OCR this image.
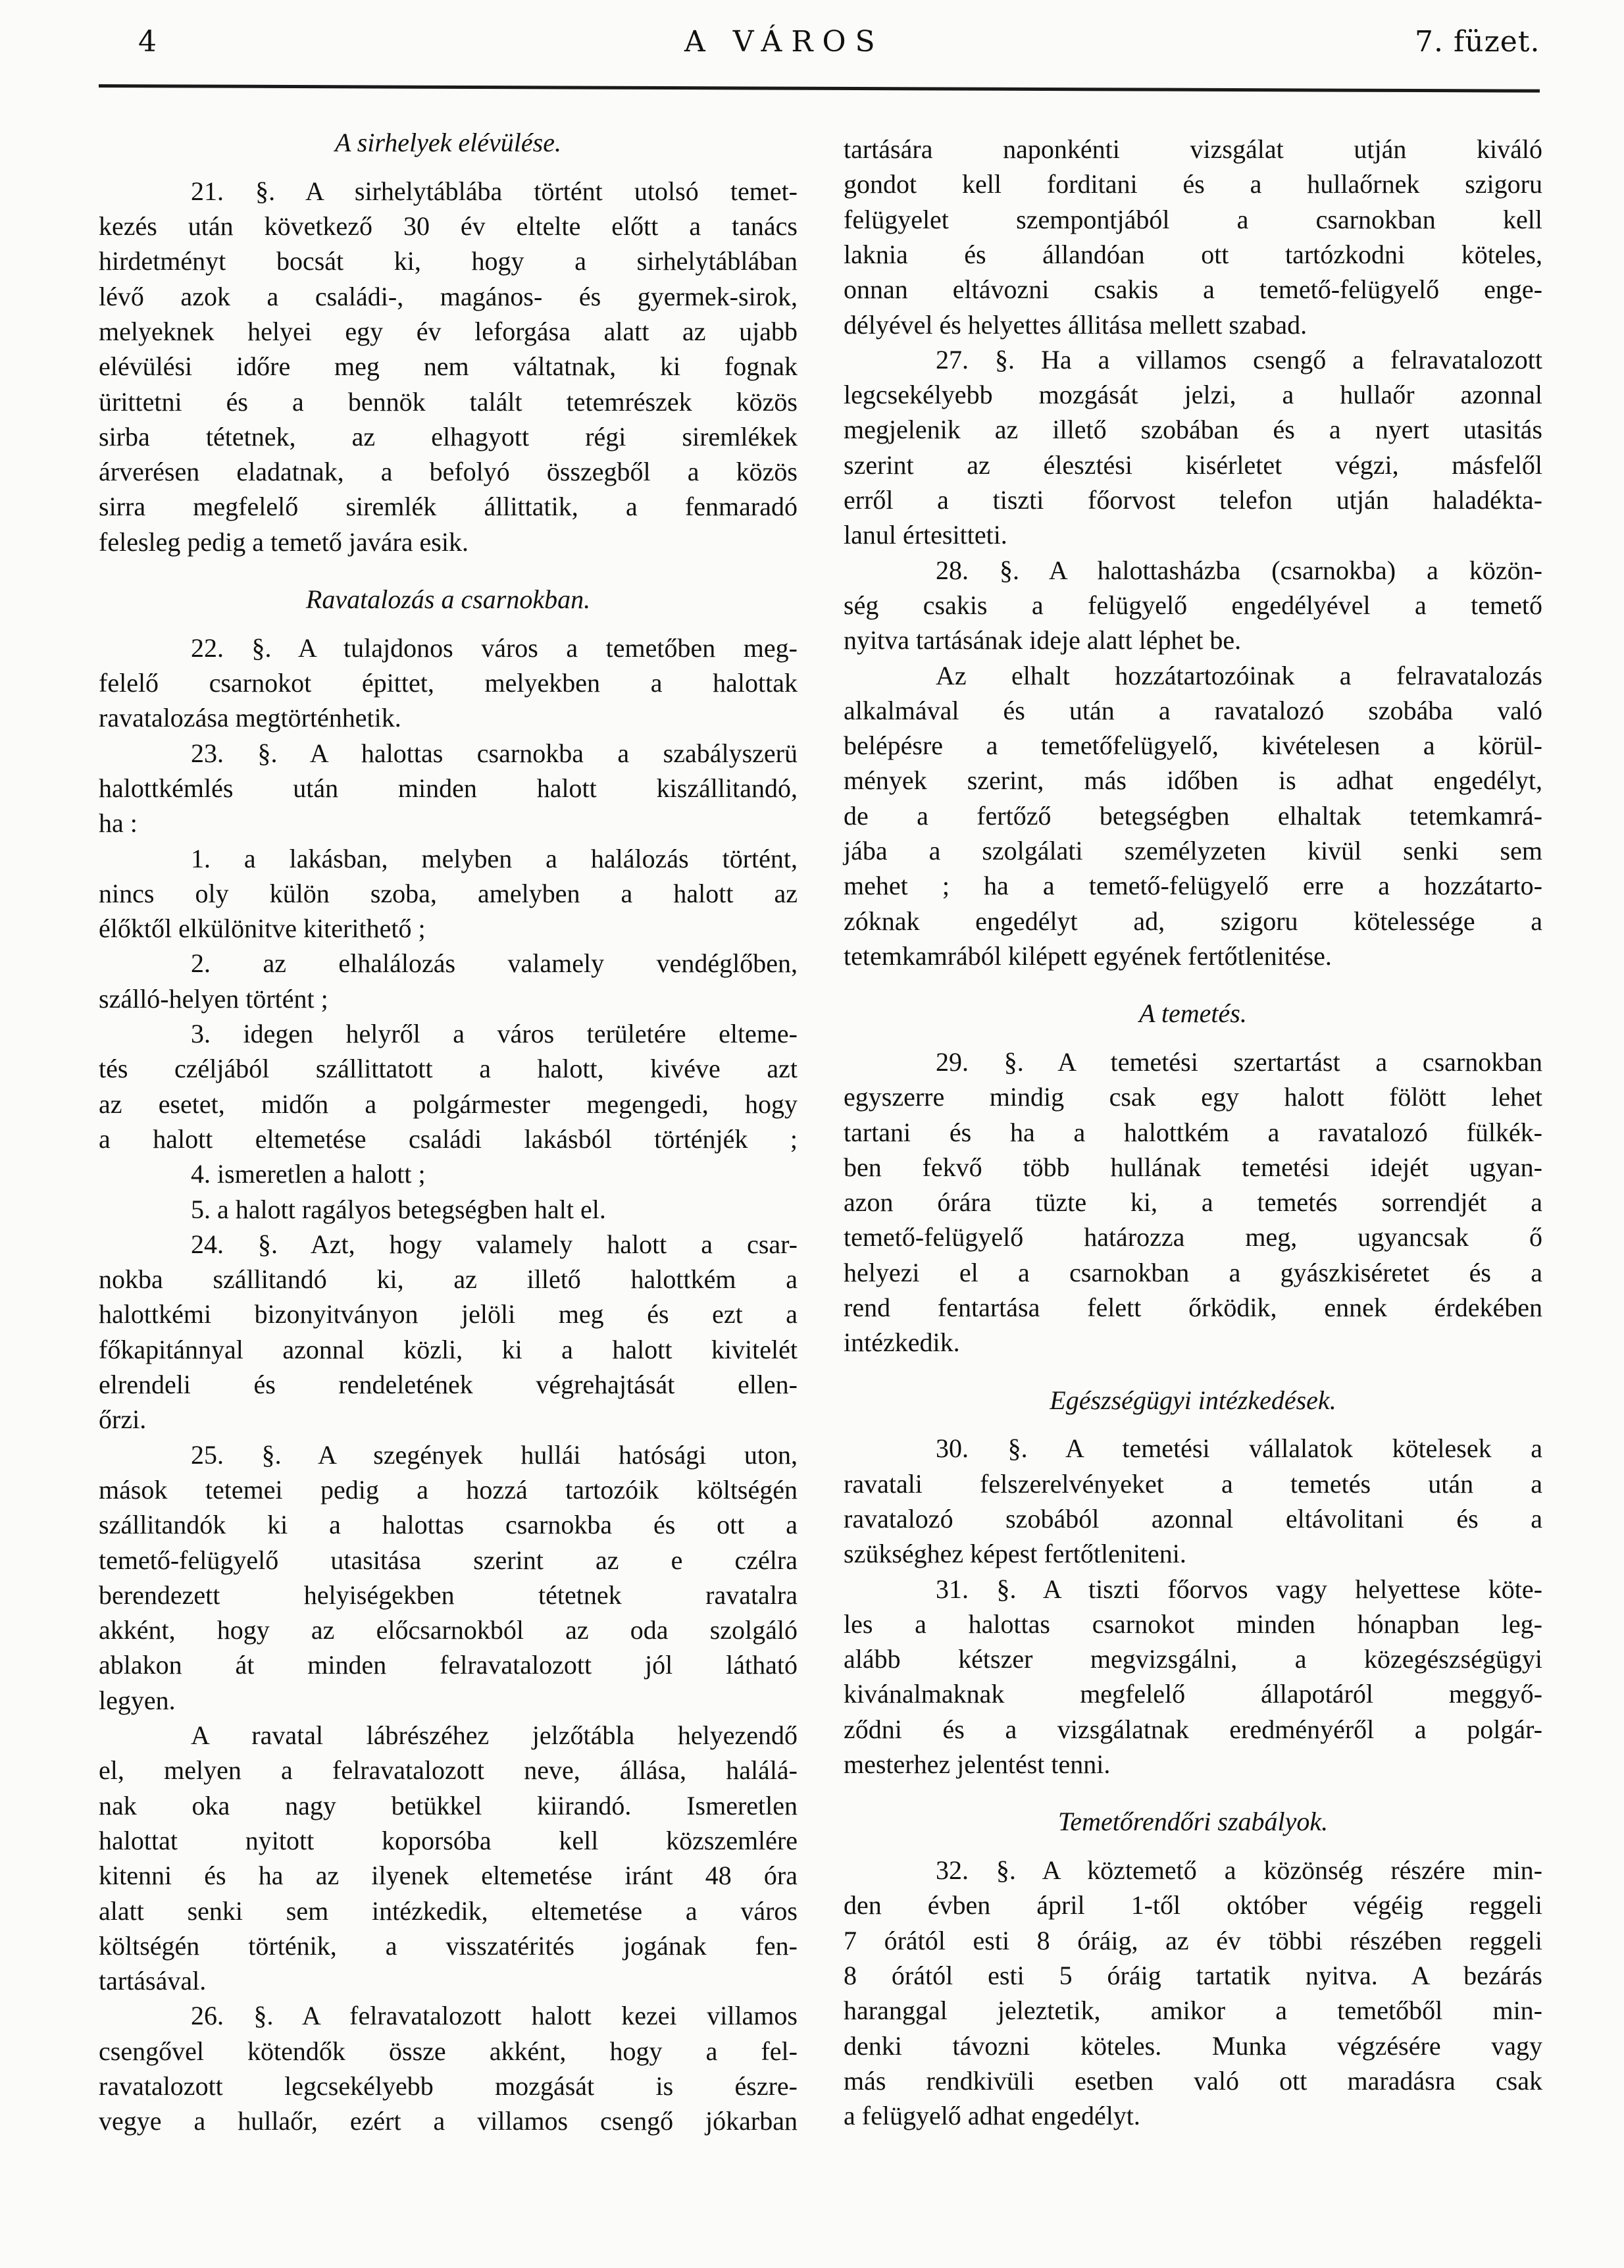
4	A VÁROS	7. füzet.
A sirhelyek elévülése.
21. §. A sirhelytáblába történt utolsó temet-
kezés után következő 30 év eltelte előtt a tanács
hirdetményt bocsát ki, hogy a sirhelytáblában
lévő azok a családi-, magános- és gyermek-sirok,
melyeknek helyei egy év leforgása alatt az ujabb
elévülési időre meg nem váltatnak, ki fognak
ürittetni és a bennök talált tetemrészek közös
sirba tétetnek, az elhagyott régi siremlékek
árverésen eladatnak, a befolyó összegből a közös
sirra megfelelő siremlék állittatik, a fenmaradó
felesleg pedig a temető javára esik.
Ravatalozás a csarnokban.
22. §. A tulajdonos város a temetőben meg-
felelő csarnokot épittet, melyekben a halottak
ravatalozása megtörténhetik.
23. §. A halottas csarnokba a szabályszerü
halottkémlés után minden halott kiszállitandó,
ha :
1. a lakásban, melyben a halálozás történt,
nincs oly külön szoba, amelyben a halott az
élőktől elkülönitve kiterithető ;
2. az elhalálozás valamely vendéglőben,
szálló-helyen történt ;
3. idegen helyről a város területére elteme-
tés czéljából szállittatott a halott, kivéve azt
az esetet, midőn a polgármester megengedi, hogy
a halott eltemetése családi lakásból történjék ;
4. ismeretlen a halott ;
5. a halott ragályos betegségben halt el.
24. §. Azt, hogy valamely halott a csar-
nokba szállitandó ki, az illető halottkém a
halottkémi bizonyitványon jelöli meg és ezt a
főkapitánnyal azonnal közli, ki a halott kivitelét
elrendeli és rendeletének végrehajtását ellen-
őrzi.
25. §. A szegények hullái hatósági uton,
mások tetemei pedig a hozzá tartozóik költségén
szállitandók ki a halottas csarnokba és ott a
temető-felügyelő utasitása szerint az e czélra
berendezett helyiségekben tétetnek ravatalra
akként, hogy az előcsarnokból az oda szolgáló
ablakon át minden felravatalozott jól látható
legyen.
A ravatal lábrészéhez jelzőtábla helyezendő
el, melyen a felravatalozott neve, állása, halálá-
nak oka nagy betükkel kiirandó. Ismeretlen
halottat nyitott koporsóba kell közszemlére
kitenni és ha az ilyenek eltemetése iránt 48 óra
alatt senki sem intézkedik, eltemetése a város
költségén történik, a visszatérités jogának fen-
tartásával.
26. §. A felravatalozott halott kezei villamos
csengővel kötendők össze akként, hogy a fel-
ravatalozott legcsekélyebb mozgását is észre-
vegye a hullaőr, ezért a villamos csengő jókarban
tartására naponkénti vizsgálat utján kiváló
gondot kell forditani és a hullaőrnek szigoru
felügyelet szempontjából a csarnokban kell
laknia és állandóan ott tartózkodni köteles,
onnan eltávozni csakis a temető-felügyelő enge-
délyével és helyettes állitása mellett szabad.
27. §. Ha a villamos csengő a felravatalozott
legcsekélyebb mozgását jelzi, a hullaőr azonnal
megjelenik az illető szobában és a nyert utasitás
szerint az élesztési kisérletet végzi, másfelől
erről a tiszti főorvost telefon utján haladékta-
lanul értesitteti.
28. §. A halottasházba (csarnokba) a közön-
ség csakis a felügyelő engedélyével a temető
nyitva tartásának ideje alatt léphet be.
Az elhalt hozzátartozóinak a felravatalozás
alkalmával és után a ravatalozó szobába való
belépésre a temetőfelügyelő, kivételesen a körül-
mények szerint, más időben is adhat engedélyt,
de a fertőző betegségben elhaltak tetemkamrá-
jába a szolgálati személyzeten kivül senki sem
mehet ; ha a temető-felügyelő erre a hozzátarto-
zóknak engedélyt ad, szigoru kötelessége a
tetemkamrából kilépett egyének fertőtlenitése.
A temetés.
29. §. A temetési szertartást a csarnokban
egyszerre mindig csak egy halott fölött lehet
tartani és ha a halottkém a ravatalozó fülkék-
ben fekvő több hullának temetési idejét ugyan-
azon órára tüzte ki, a temetés sorrendjét a
temető-felügyelő határozza meg, ugyancsak ő
helyezi el a csarnokban a gyászkiséretet és a
rend fentartása felett őrködik, ennek érdekében
intézkedik.
Egészségügyi intézkedések.
30. §. A temetési vállalatok kötelesek a
ravatali felszerelvényeket a temetés után a
ravatalozó szobából azonnal eltávolitani és a
szükséghez képest fertőtleniteni.
31. §. A tiszti főorvos vagy helyettese köte-
les a halottas csarnokot minden hónapban leg-
alább kétszer megvizsgálni, a közegészségügyi
kivánalmaknak megfelelő állapotáról meggyő-
ződni és a vizsgálatnak eredményéről a polgár-
mesterhez jelentést tenni.
Temetőrendőri szabályok.
32. §. A köztemető a közönség részére min-
den évben ápril 1-től október végéig reggeli
7 órától esti 8 óráig, az év többi részében reggeli
8 órától esti 5 óráig tartatik nyitva. A bezárás
haranggal jeleztetik, amikor a temetőből min-
denki távozni köteles. Munka végzésére vagy
más rendkivüli esetben való ott maradásra csak
a felügyelő adhat engedélyt.
